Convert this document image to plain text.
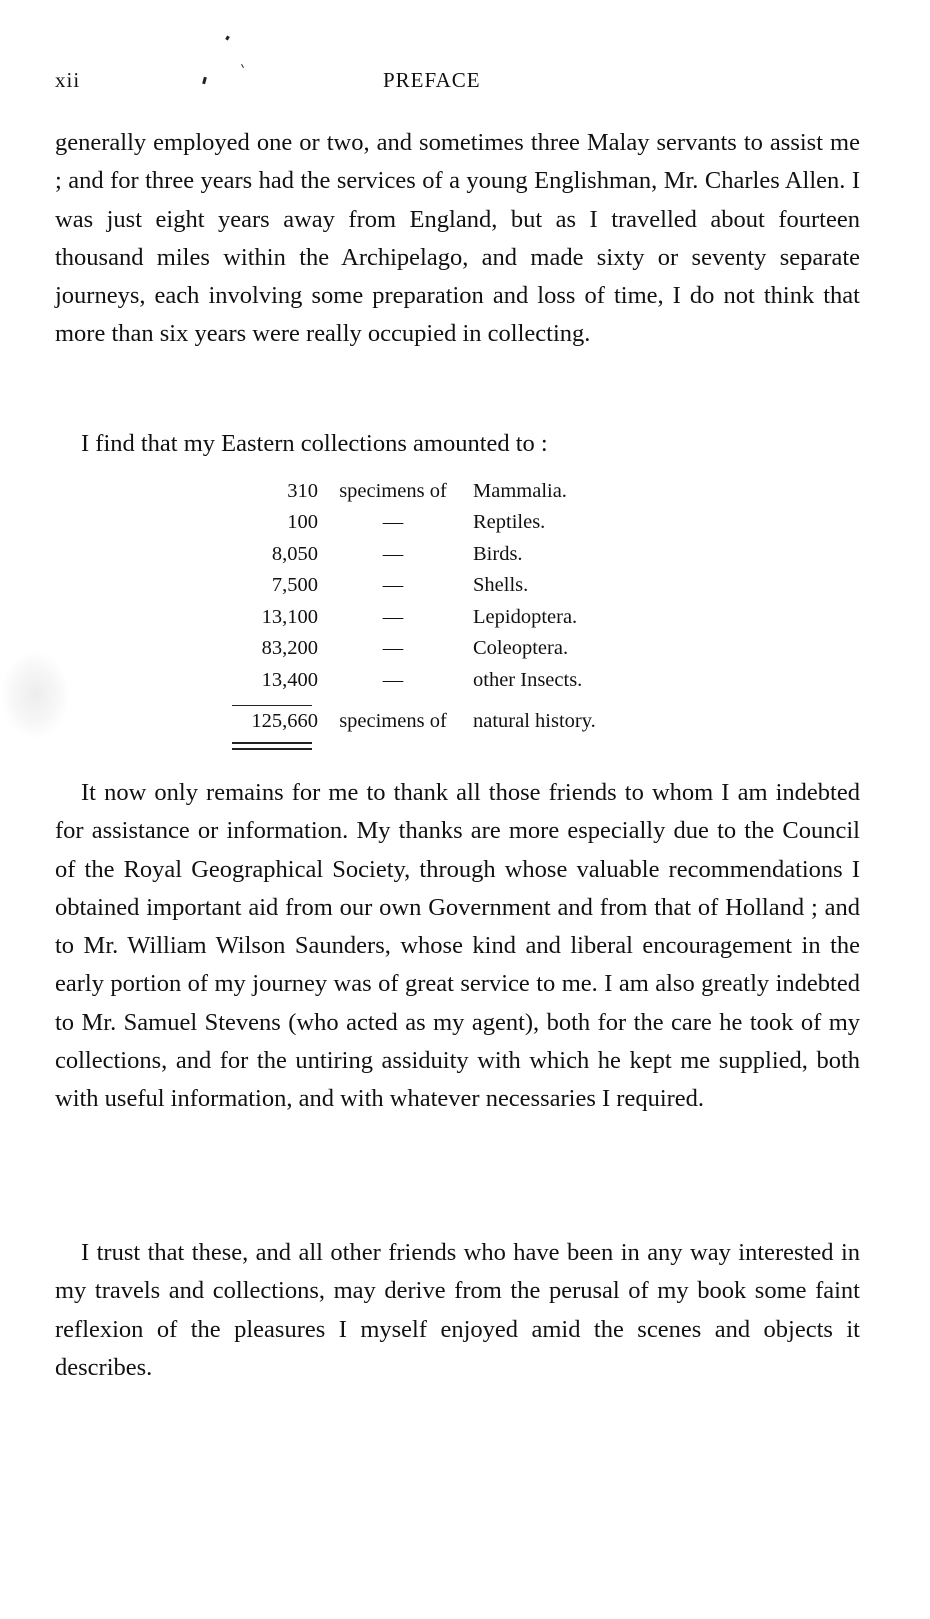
xii	PREFACE

generally employed one or two, and sometimes three Malay servants to assist me ; and for three years had the services of a young Englishman, Mr. Charles Allen. I was just eight years away from England, but as I travelled about fourteen thousand miles within the Archipelago, and made sixty or seventy separate journeys, each involving some preparation and loss of time, I do not think that more than six years were really occupied in collecting.

I find that my Eastern collections amounted to :

310	specimens of	Mammalia.
100	—	Reptiles.
8,050	—	Birds.
7,500	—	Shells.
13,100	—	Lepidoptera.
83,200	—	Coleoptera.
13,400	—	other Insects.
125,660	specimens of	natural history.

It now only remains for me to thank all those friends to whom I am indebted for assistance or information. My thanks are more especially due to the Council of the Royal Geographical Society, through whose valuable recommendations I obtained important aid from our own Government and from that of Holland ; and to Mr. William Wilson Saunders, whose kind and liberal encouragement in the early portion of my journey was of great service to me. I am also greatly indebted to Mr. Samuel Stevens (who acted as my agent), both for the care he took of my collections, and for the untiring assiduity with which he kept me supplied, both with useful information, and with whatever necessaries I required.

I trust that these, and all other friends who have been in any way interested in my travels and collections, may derive from the perusal of my book some faint reflexion of the pleasures I myself enjoyed amid the scenes and objects it describes.
